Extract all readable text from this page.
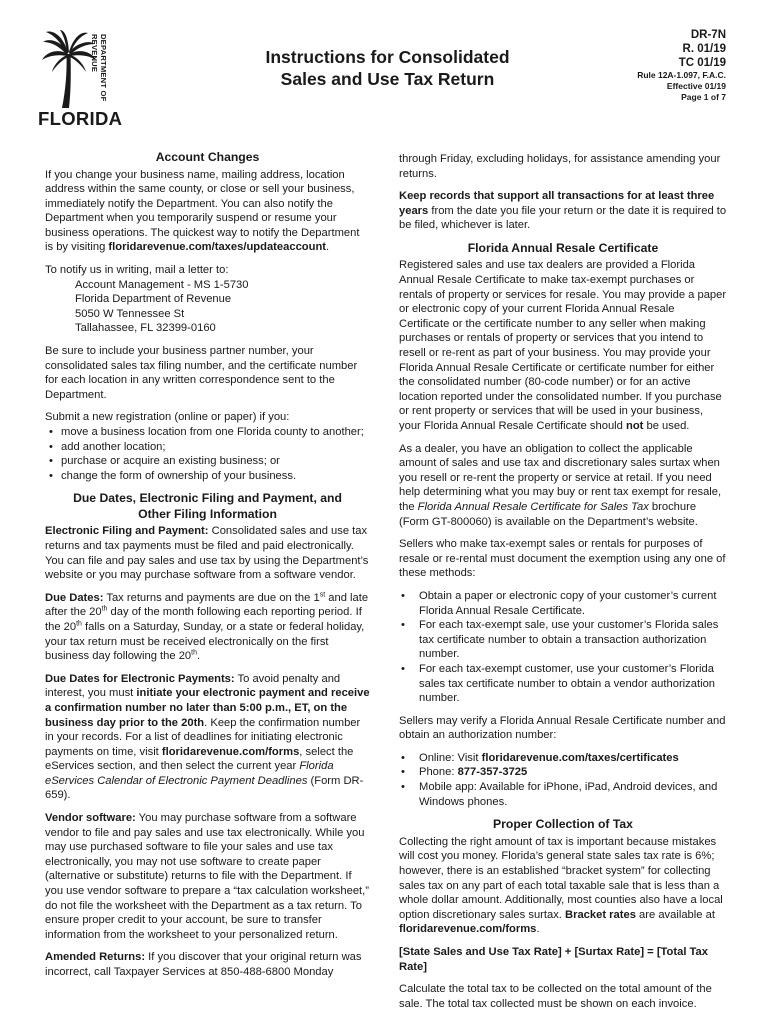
DEPARTMENT OF REVENUE
FLORIDA
Instructions for Consolidated
Sales and Use Tax Return
DR-7N
R. 01/19
TC 01/19
Rule 12A-1.097, F.A.C.
Effective 01/19
Page 1 of 7
Account Changes

If you change your business name, mailing address, location address within the same county, or close or sell your business, immediately notify the Department. You can also notify the Department when you temporarily suspend or resume your business operations. The quickest way to notify the Department is by visiting floridarevenue.com/taxes/updateaccount.

To notify us in writing, mail a letter to:

Account Management - MS 1-5730
Florida Department of Revenue
5050 W Tennessee St
Tallahassee, FL 32399-0160

Be sure to include your business partner number, your consolidated sales tax filing number, and the certificate number for each location in any written correspondence sent to the Department.

Submit a new registration (online or paper) if you:

• move a business location from one Florida county to another;
• add another location;
• purchase or acquire an existing business; or
• change the form of ownership of your business.
Due Dates, Electronic Filing and Payment, and
Other Filing Information

Electronic Filing and Payment: Consolidated sales and use tax returns and tax payments must be filed and paid electronically. You can file and pay sales and use tax by using the Department’s website or you may purchase software from a software vendor.

Due Dates: Tax returns and payments are due on the 1st and late after the 20th day of the month following each reporting period. If the 20th falls on a Saturday, Sunday, or a state or federal holiday, your tax return must be received electronically on the first business day following the 20th.

Due Dates for Electronic Payments: To avoid penalty and interest, you must initiate your electronic payment and receive a confirmation number no later than 5:00 p.m., ET, on the business day prior to the 20th. Keep the confirmation number in your records. For a list of deadlines for initiating electronic payments on time, visit floridarevenue.com/forms, select the eServices section, and then select the current year Florida eServices Calendar of Electronic Payment Deadlines (Form DR-659).

Vendor software: You may purchase software from a software vendor to file and pay sales and use tax electronically. While you may use purchased software to file your sales and use tax electronically, you may not use software to create paper (alternative or substitute) returns to file with the Department. If you use vendor software to prepare a “tax calculation worksheet,” do not file the worksheet with the Department as a tax return. To ensure proper credit to your account, be sure to transfer information from the worksheet to your personalized return.

Amended Returns: If you discover that your original return was incorrect, call Taxpayer Services at 850-488-6800 Monday

through Friday, excluding holidays, for assistance amending your returns.

Keep records that support all transactions for at least three years from the date you file your return or the date it is required to be filed, whichever is later.

Florida Annual Resale Certificate

Registered sales and use tax dealers are provided a Florida Annual Resale Certificate to make tax-exempt purchases or rentals of property or services for resale. You may provide a paper or electronic copy of your current Florida Annual Resale Certificate or the certificate number to any seller when making purchases or rentals of property or services that you intend to resell or re-rent as part of your business. You may provide your Florida Annual Resale Certificate or certificate number for either the consolidated number (80-code number) or for an active location reported under the consolidated number. If you purchase or rent property or services that will be used in your business, your Florida Annual Resale Certificate should not be used.

As a dealer, you have an obligation to collect the applicable amount of sales and use tax and discretionary sales surtax when you resell or re-rent the property or service at retail. If you need help determining what you may buy or rent tax exempt for resale, the Florida Annual Resale Certificate for Sales Tax brochure (Form GT-800060) is available on the Department’s website.

Sellers who make tax-exempt sales or rentals for purposes of resale or re-rental must document the exemption using any one of these methods:

• Obtain a paper or electronic copy of your customer’s current Florida Annual Resale Certificate.
• For each tax-exempt sale, use your customer’s Florida sales tax certificate number to obtain a transaction authorization number.
• For each tax-exempt customer, use your customer’s Florida sales tax certificate number to obtain a vendor authorization number.

Sellers may verify a Florida Annual Resale Certificate number and obtain an authorization number:

• Online: Visit floridarevenue.com/taxes/certificates
• Phone: 877-357-3725
• Mobile app: Available for iPhone, iPad, Android devices, and Windows phones.
Proper Collection of Tax

Collecting the right amount of tax is important because mistakes will cost you money. Florida’s general state sales tax rate is 6%; however, there is an established “bracket system” for collecting sales tax on any part of each total taxable sale that is less than a whole dollar amount. Additionally, most counties also have a local option discretionary sales surtax. Bracket rates are available at floridarevenue.com/forms.

[State Sales and Use Tax Rate] + [Surtax Rate] = [Total Tax Rate]

Calculate the total tax to be collected on the total amount of the sale. The total tax collected must be shown on each invoice.
